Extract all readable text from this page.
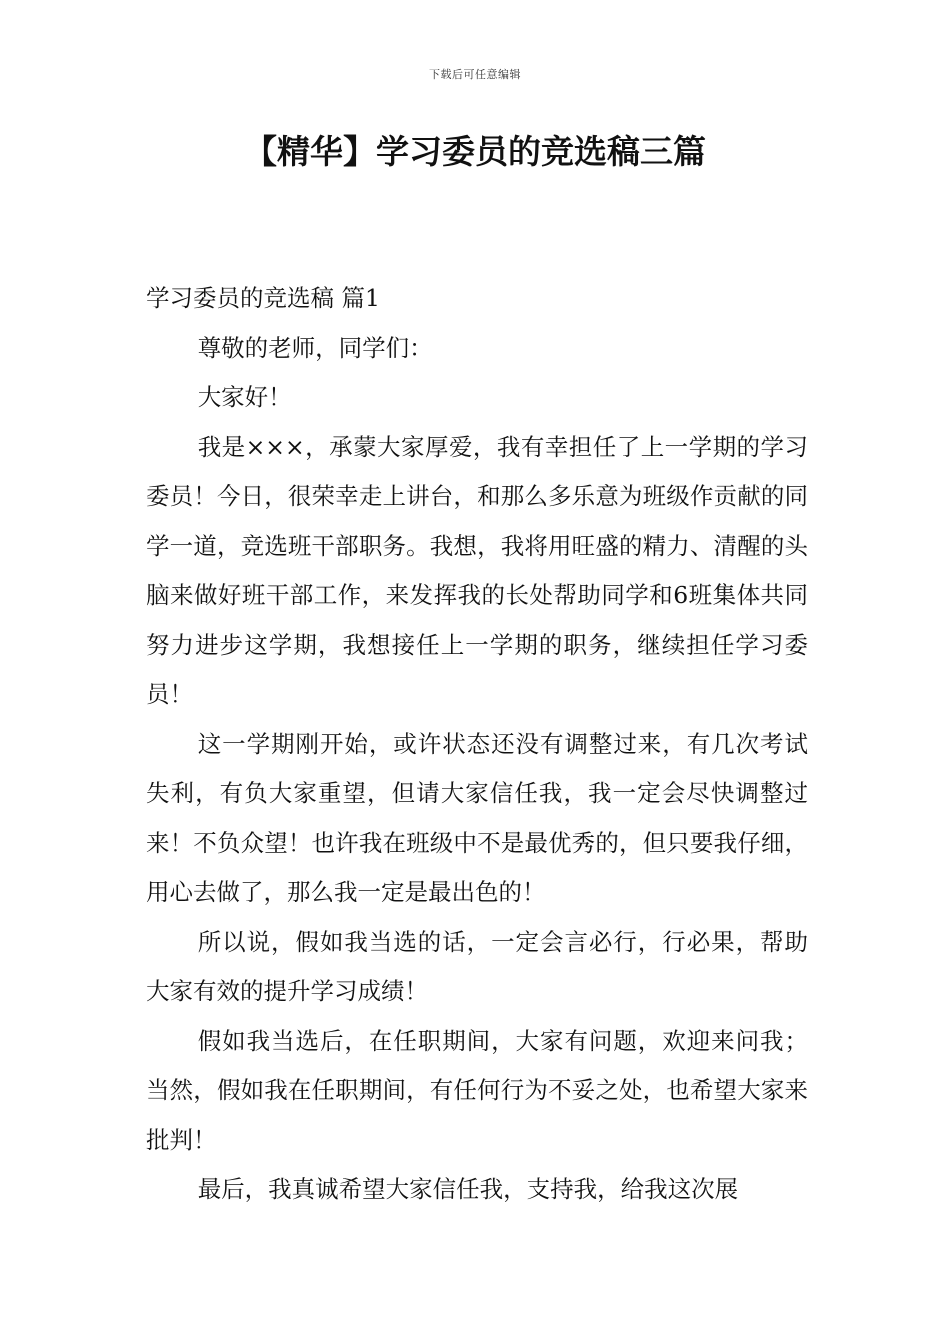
下载后可任意编辑
【精华】学习委员的竞选稿三篇
学习委员的竞选稿 篇1

尊敬的老师，同学们：

大家好！

我是×××，承蒙大家厚爱，我有幸担任了上一学期的学习委员！今日，很荣幸走上讲台，和那么多乐意为班级作贡献的同学一道，竞选班干部职务。我想，我将用旺盛的精力、清醒的头脑来做好班干部工作，来发挥我的长处帮助同学和6班集体共同努力进步这学期，我想接任上一学期的职务，继续担任学习委员！

这一学期刚开始，或许状态还没有调整过来，有几次考试失利，有负大家重望，但请大家信任我，我一定会尽快调整过来！不负众望！也许我在班级中不是最优秀的，但只要我仔细，用心去做了，那么我一定是最出色的！

所以说，假如我当选的话，一定会言必行，行必果，帮助大家有效的提升学习成绩！

假如我当选后，在任职期间，大家有问题，欢迎来问我；当然，假如我在任职期间，有任何行为不妥之处，也希望大家来批判！

最后，我真诚希望大家信任我，支持我，给我这次展
